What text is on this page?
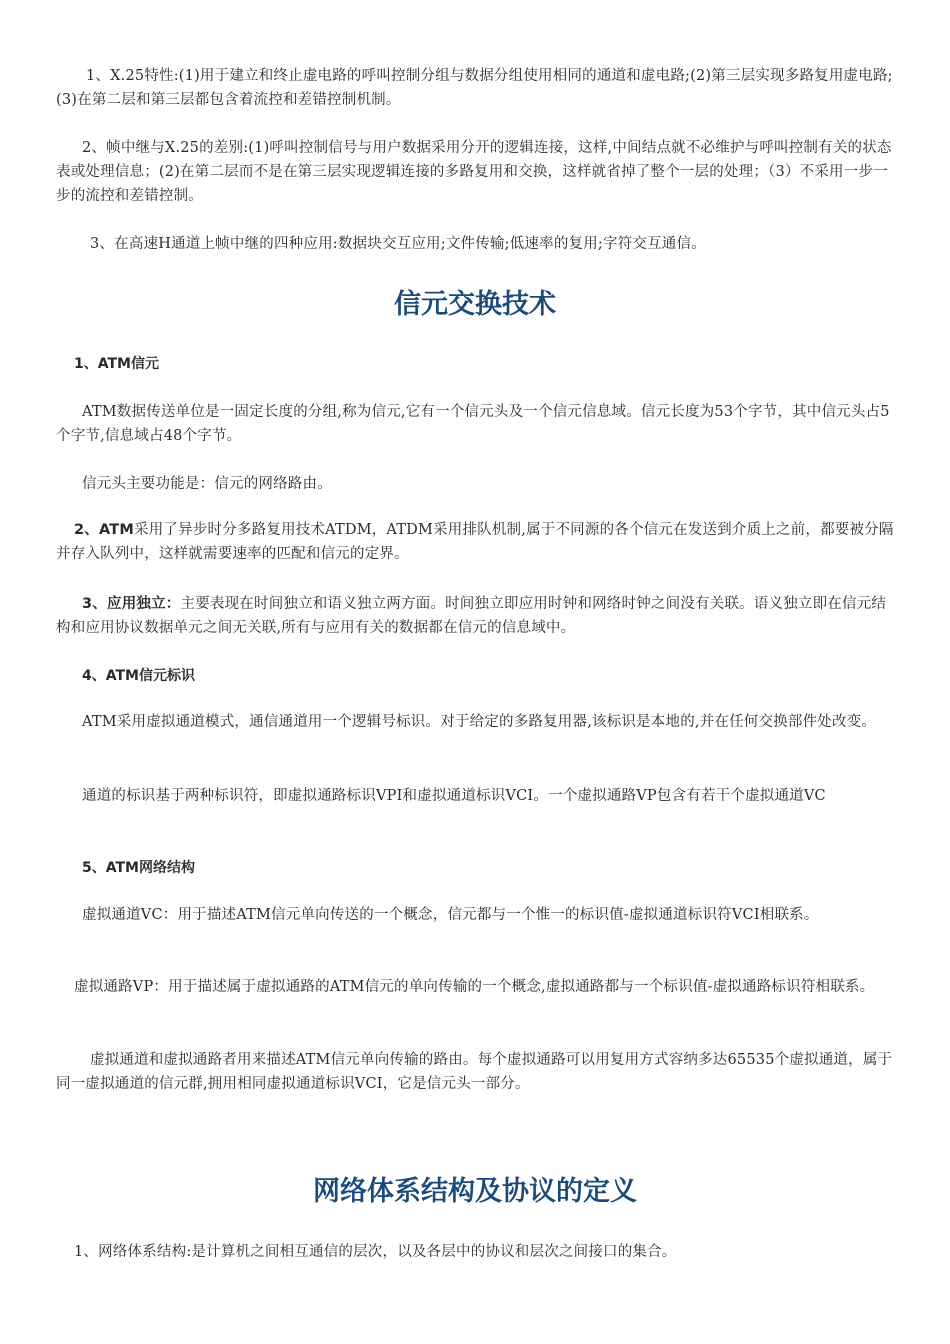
1、X.25特性:(1)用于建立和终止虚电路的呼叫控制分组与数据分组使用相同的通道和虚电路;(2)第三层实现多路复用虚电路;(3)在第二层和第三层都包含着流控和差错控制机制。

2、帧中继与X.25的差别:(1)呼叫控制信号与用户数据采用分开的逻辑连接，这样,中间结点就不必维护与呼叫控制有关的状态表或处理信息；(2)在第二层而不是在第三层实现逻辑连接的多路复用和交换，这样就省掉了整个一层的处理；（3）不采用一步一步的流控和差错控制。

3、在高速H通道上帧中继的四种应用:数据块交互应用;文件传输;低速率的复用;字符交互通信。

信元交换技术

1、ATM信元

ATM数据传送单位是一固定长度的分组,称为信元,它有一个信元头及一个信元信息域。信元长度为53个字节，其中信元头占5个字节,信息域占48个字节。

信元头主要功能是：信元的网络路由。

2、ATM采用了异步时分多路复用技术ATDM，ATDM采用排队机制,属于不同源的各个信元在发送到介质上之前，都要被分隔并存入队列中，这样就需要速率的匹配和信元的定界。

3、应用独立：主要表现在时间独立和语义独立两方面。时间独立即应用时钟和网络时钟之间没有关联。语义独立即在信元结构和应用协议数据单元之间无关联,所有与应用有关的数据都在信元的信息域中。

4、ATM信元标识

ATM采用虚拟通道模式，通信通道用一个逻辑号标识。对于给定的多路复用器,该标识是本地的,并在任何交换部件处改变。

通道的标识基于两种标识符，即虚拟通路标识VPI和虚拟通道标识VCI。一个虚拟通路VP包含有若干个虚拟通道VC

5、ATM网络结构

虚拟通道VC：用于描述ATM信元单向传送的一个概念，信元都与一个惟一的标识值-虚拟通道标识符VCI相联系。

虚拟通路VP：用于描述属于虚拟通路的ATM信元的单向传输的一个概念,虚拟通路都与一个标识值-虚拟通路标识符相联系。

虚拟通道和虚拟通路者用来描述ATM信元单向传输的路由。每个虚拟通路可以用复用方式容纳多达65535个虚拟通道，属于同一虚拟通道的信元群,拥用相同虚拟通道标识VCI，它是信元头一部分。

网络体系结构及协议的定义

1、网络体系结构:是计算机之间相互通信的层次，以及各层中的协议和层次之间接口的集合。
